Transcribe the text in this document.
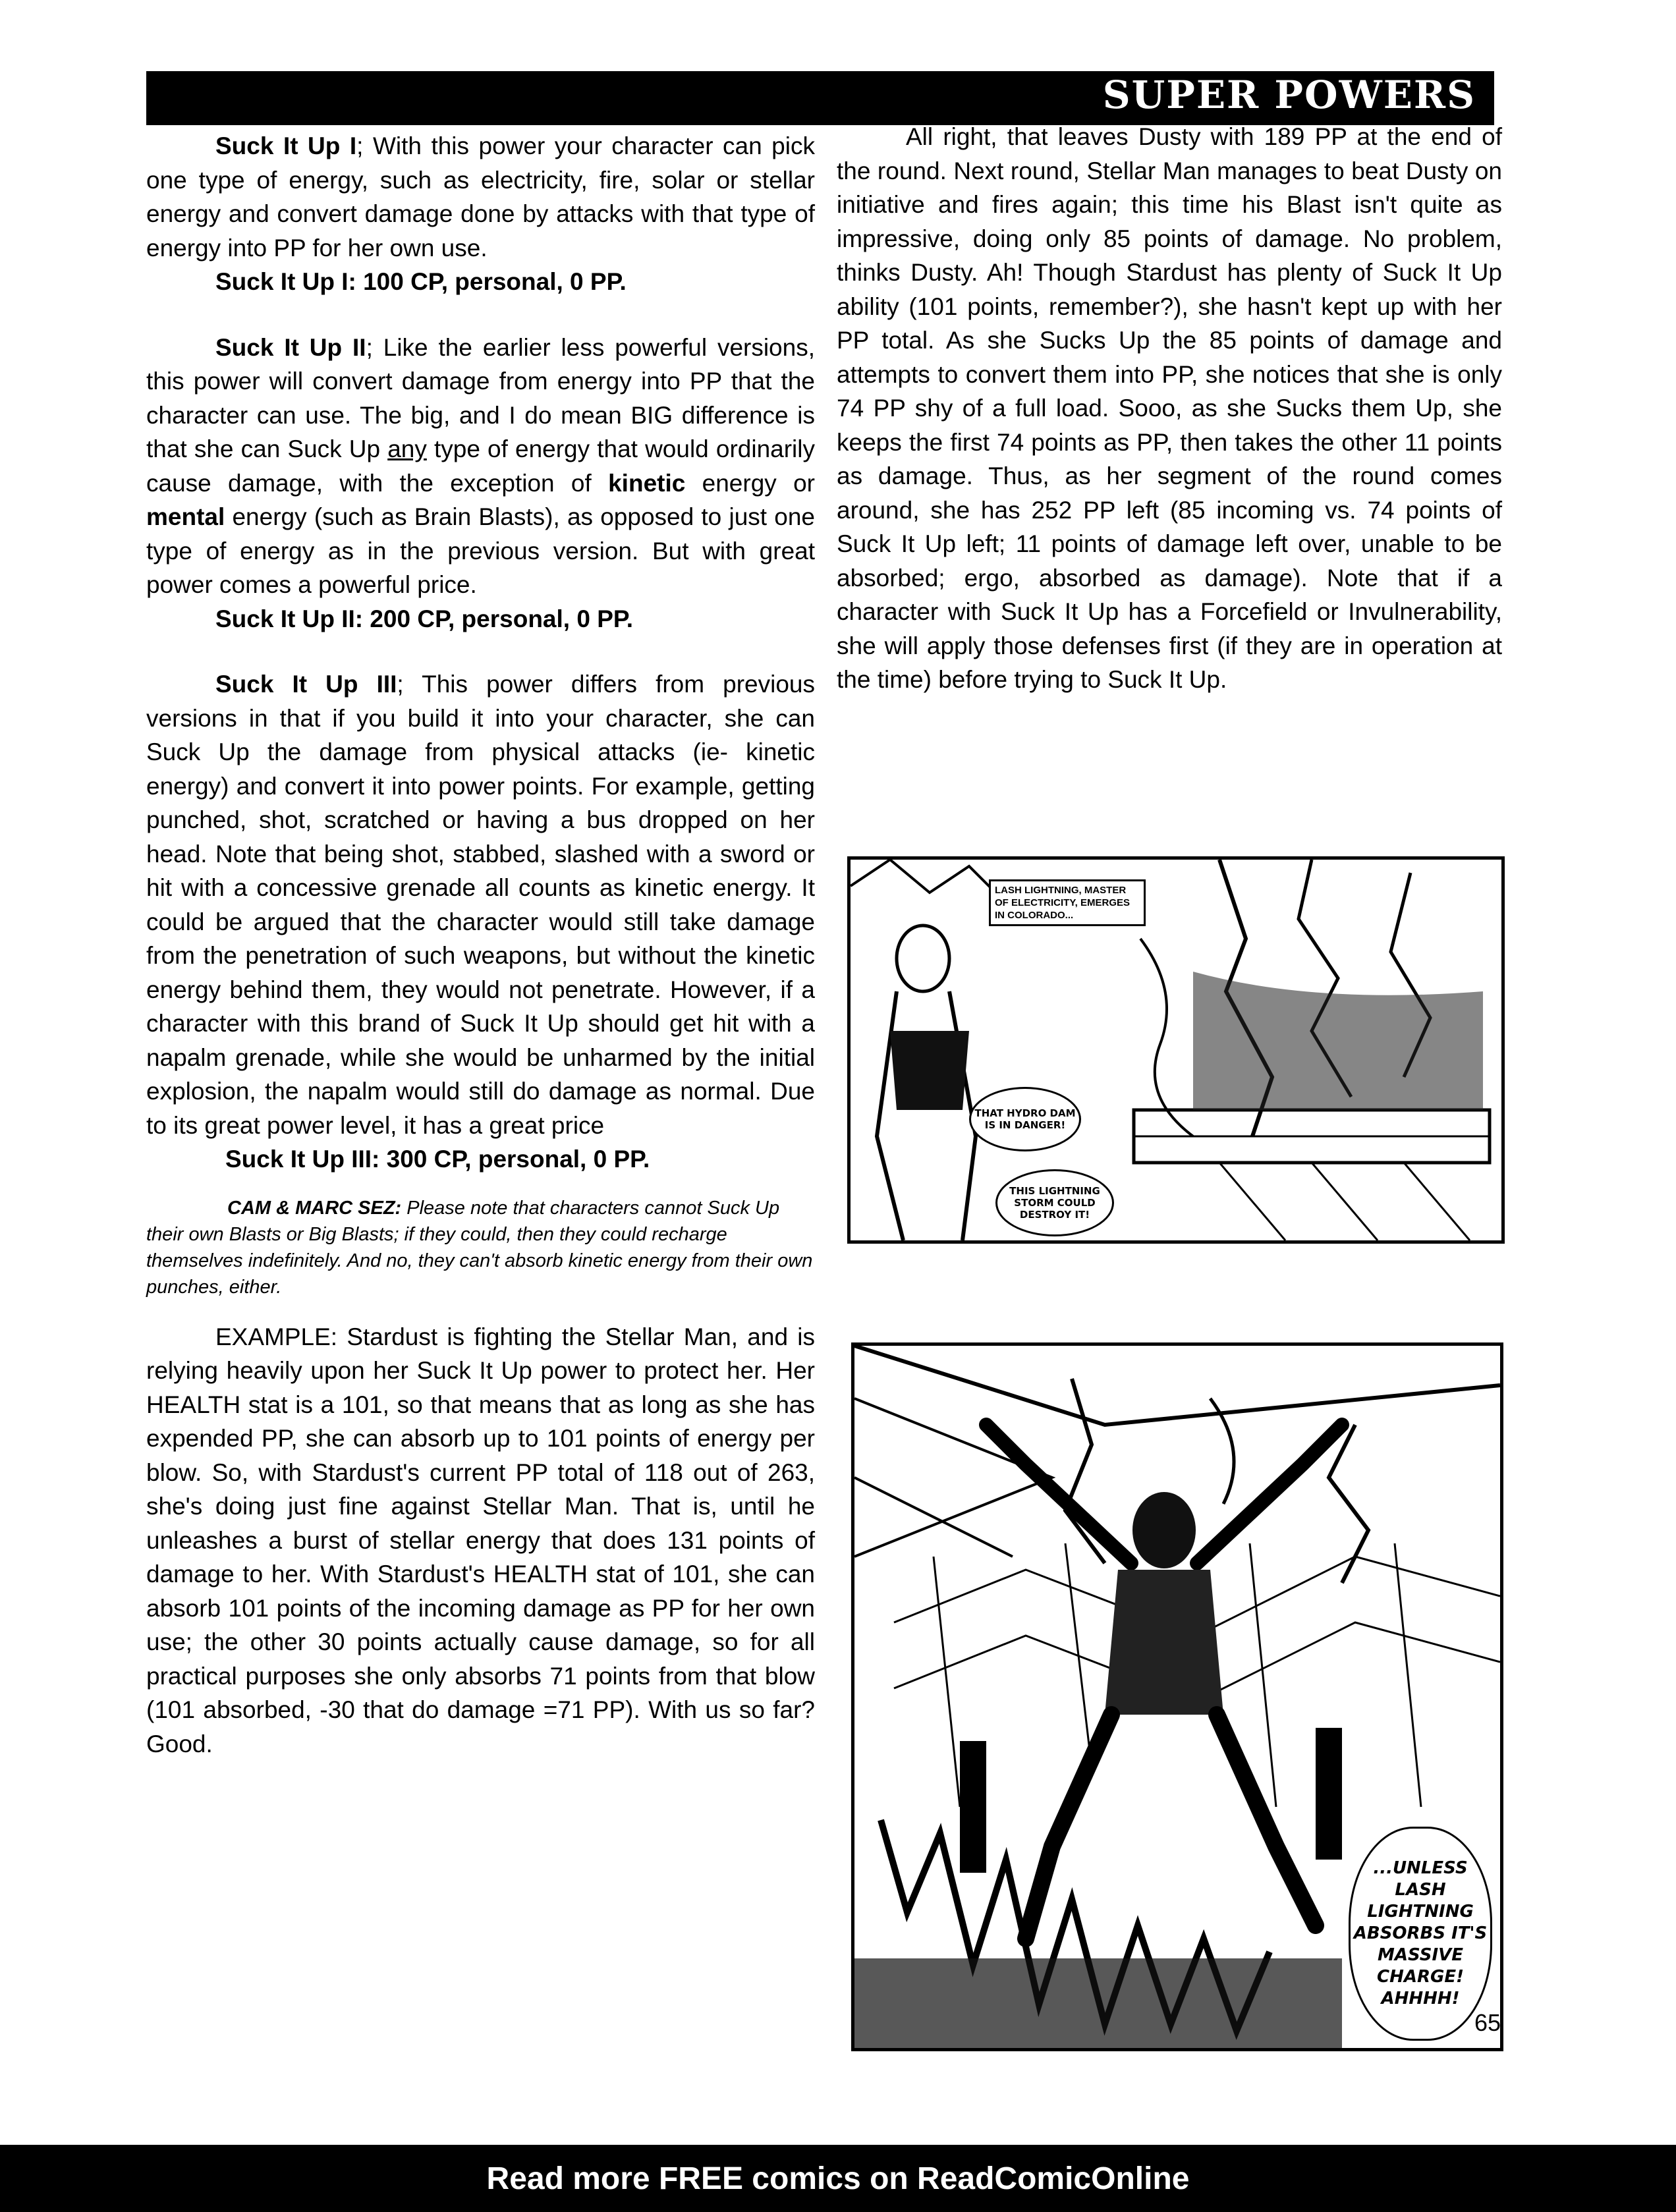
SUPER POWERS

Suck It Up I; With this power your character can pick one type of energy, such as electricity, fire, solar or stellar energy and convert damage done by attacks with that type of energy into PP for her own use.

Suck It Up I: 100 CP, personal, 0 PP.

Suck It Up II; Like the earlier less powerful versions, this power will convert damage from energy into PP that the character can use. The big, and I do mean BIG difference is that she can Suck Up any type of energy that would ordinarily cause damage, with the exception of kinetic energy or mental energy (such as Brain Blasts), as opposed to just one type of energy as in the previous version. But with great power comes a powerful price.

Suck It Up II: 200 CP, personal, 0 PP.

Suck It Up III; This power differs from previous versions in that if you build it into your character, she can Suck Up the damage from physical attacks (ie- kinetic energy) and convert it into power points. For example, getting punched, shot, scratched or having a bus dropped on her head. Note that being shot, stabbed, slashed with a sword or hit with a concessive grenade all counts as kinetic energy. It could be argued that the character would still take damage from the penetration of such weapons, but without the kinetic energy behind them, they would not penetrate. However, if a character with this brand of Suck It Up should get hit with a napalm grenade, while she would be unharmed by the initial explosion, the napalm would still do damage as normal. Due to its great power level, it has a great price

Suck It Up III: 300 CP, personal, 0 PP.

CAM & MARC SEZ: Please note that characters cannot Suck Up their own Blasts or Big Blasts; if they could, then they could recharge themselves indefinitely. And no, they can't absorb kinetic energy from their own punches, either.

EXAMPLE: Stardust is fighting the Stellar Man, and is relying heavily upon her Suck It Up power to protect her. Her HEALTH stat is a 101, so that means that as long as she has expended PP, she can absorb up to 101 points of energy per blow. So, with Stardust's current PP total of 118 out of 263, she's doing just fine against Stellar Man. That is, until he unleashes a burst of stellar energy that does 131 points of damage to her. With Stardust's HEALTH stat of 101, she can absorb 101 points of the incoming damage as PP for her own use; the other 30 points actually cause damage, so for all practical purposes she only absorbs 71 points from that blow (101 absorbed, -30 that do damage =71 PP). With us so far? Good.

All right, that leaves Dusty with 189 PP at the end of the round. Next round, Stellar Man manages to beat Dusty on initiative and fires again; this time his Blast isn't quite as impressive, doing only 85 points of damage. No problem, thinks Dusty. Ah! Though Stardust has plenty of Suck It Up ability (101 points, remember?), she hasn't kept up with her PP total. As she Sucks Up the 85 points of damage and attempts to convert them into PP, she notices that she is only 74 PP shy of a full load. Sooo, as she Sucks them Up, she keeps the first 74 points as PP, then takes the other 11 points as damage. Thus, as her segment of the round comes around, she has 252 PP left (85 incoming vs. 74 points of Suck It Up left; 11 points of damage left over, unable to be absorbed; ergo, absorbed as damage). Note that if a character with Suck It Up has a Forcefield or Invulnerability, she will apply those defenses first (if they are in operation at the time) before trying to Suck It Up.

LASH LIGHTNING, MASTER OF ELECTRICITY, EMERGES IN COLORADO...
THAT HYDRO DAM IS IN DANGER!
THIS LIGHTNING STORM COULD DESTROY IT!
...UNLESS LASH LIGHTNING ABSORBS IT'S MASSIVE CHARGE! AHHHH!
65
Read more FREE comics on ReadComicOnline
